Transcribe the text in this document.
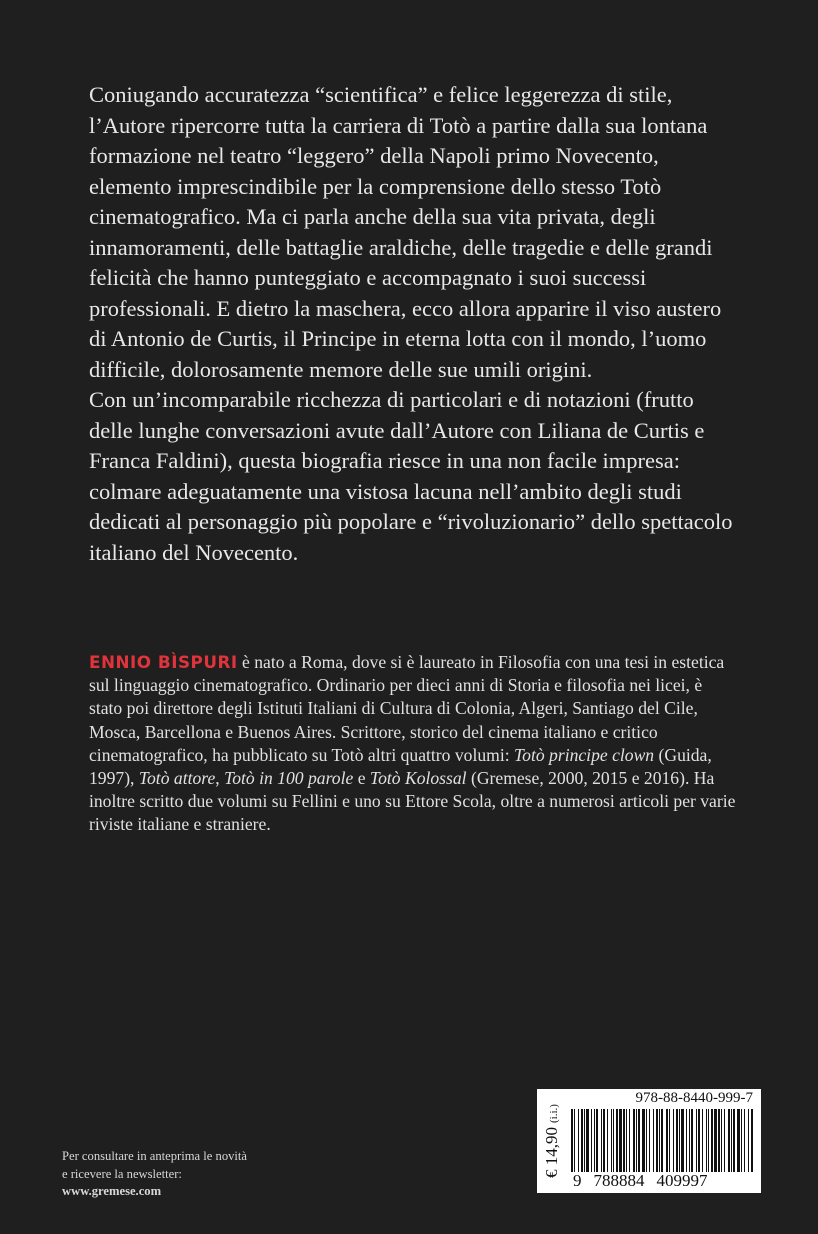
Coniugando accuratezza “scientifica” e felice leggerezza di stile, l’Autore ripercorre tutta la carriera di Totò a partire dalla sua lontana formazione nel teatro “leggero” della Napoli primo Novecento, elemento imprescindibile per la comprensione dello stesso Totò cinematografico. Ma ci parla anche della sua vita privata, degli innamoramenti, delle battaglie araldiche, delle tragedie e delle grandi felicità che hanno punteggiato e accompagnato i suoi successi professionali. E dietro la maschera, ecco allora apparire il viso austero di Antonio de Curtis, il Principe in eterna lotta con il mondo, l’uomo difficile, dolorosamente memore delle sue umili origini.

Con un’incomparabile ricchezza di particolari e di notazioni (frutto delle lunghe conversazioni avute dall’Autore con Liliana de Curtis e Franca Faldini), questa biografia riesce in una non facile impresa: colmare adeguatamente una vistosa lacuna nell’ambito degli studi dedicati al personaggio più popolare e “rivoluzionario” dello spettacolo italiano del Novecento.

ENNIO BÌSPURI è nato a Roma, dove si è laureato in Filosofia con una tesi in estetica sul linguaggio cinematografico. Ordinario per dieci anni di Storia e filosofia nei licei, è stato poi direttore degli Istituti Italiani di Cultura di Colonia, Algeri, Santiago del Cile, Mosca, Barcellona e Buenos Aires. Scrittore, storico del cinema italiano e critico cinematografico, ha pubblicato su Totò altri quattro volumi: Totò principe clown (Guida, 1997), Totò attore, Totò in 100 parole e Totò Kolossal (Gremese, 2000, 2015 e 2016). Ha inoltre scritto due volumi su Fellini e uno su Ettore Scola, oltre a numerosi articoli per varie riviste italiane e straniere.
Per consultare in anteprima le novità
e ricevere la newsletter:

www.gremese.com
€ 14,90(i.i.)
978-88-8440-999-7
9 788884 409997
